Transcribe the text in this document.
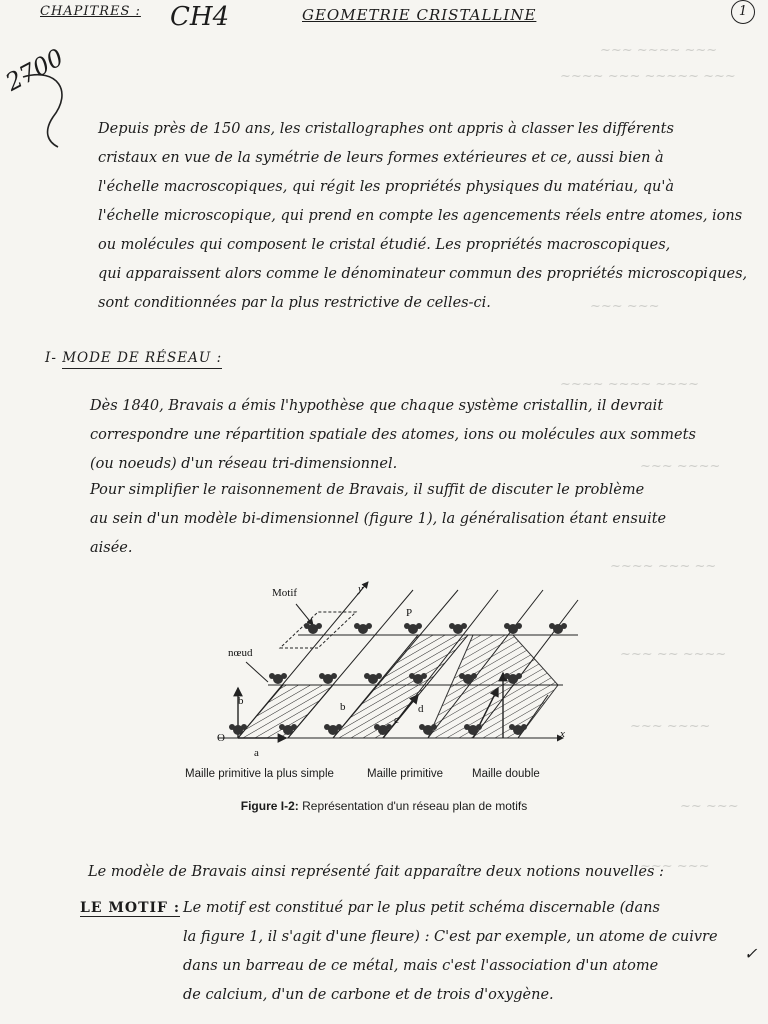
~~~ ~~~~ ~~~
~~~~ ~~~ ~~~~~ ~~~
~~~ ~~~
~~~~ ~~~~ ~~~~
~~~ ~~~~
~~~~ ~~~ ~~
~~~ ~~ ~~~~
~~~ ~~~~
~~ ~~~
~~~ ~~~
CHAPITRES : CH4	GEOMETRIE CRISTALLINE	1
2700
Depuis près de 150 ans, les cristallographes ont appris à classer les différents
cristaux en vue de la symétrie de leurs formes extérieures et ce, aussi bien à
l'échelle macroscopiques, qui régit les propriétés physiques du matériau, qu'à
l'échelle microscopique, qui prend en compte les agencements réels entre atomes, ions
ou molécules qui composent le cristal étudié. Les propriétés macroscopiques,
qui apparaissent alors comme le dénominateur commun des propriétés microscopiques,
sont conditionnées par la plus restrictive de celles-ci.
I- MODE DE RÉSEAU :
Dès 1840, Bravais a émis l'hypothèse que chaque système cristallin, il devrait
correspondre une répartition spatiale des atomes, ions ou molécules aux sommets
(ou noeuds) d'un réseau tri-dimensionnel.
Pour simplifier le raisonnement de Bravais, il suffit de discuter le problème
au sein d'un modèle bi-dimensionnel (figure 1), la généralisation étant ensuite
aisée.
Motif	y
nœud
P
O	x
a
b	b
c
d
Maille primitive la plus simple	Maille primitive	Maille double
Figure I-2: Représentation d'un réseau plan de motifs
Le modèle de Bravais ainsi représenté fait apparaître deux notions nouvelles :
LE MOTIF : Le motif est constitué par le plus petit schéma discernable (dans
la figure 1, il s'agit d'une fleure) : C'est par exemple, un atome de cuivre
dans un barreau de ce métal, mais c'est l'association d'un atome
de calcium, d'un de carbone et de trois d'oxygène.
✓
